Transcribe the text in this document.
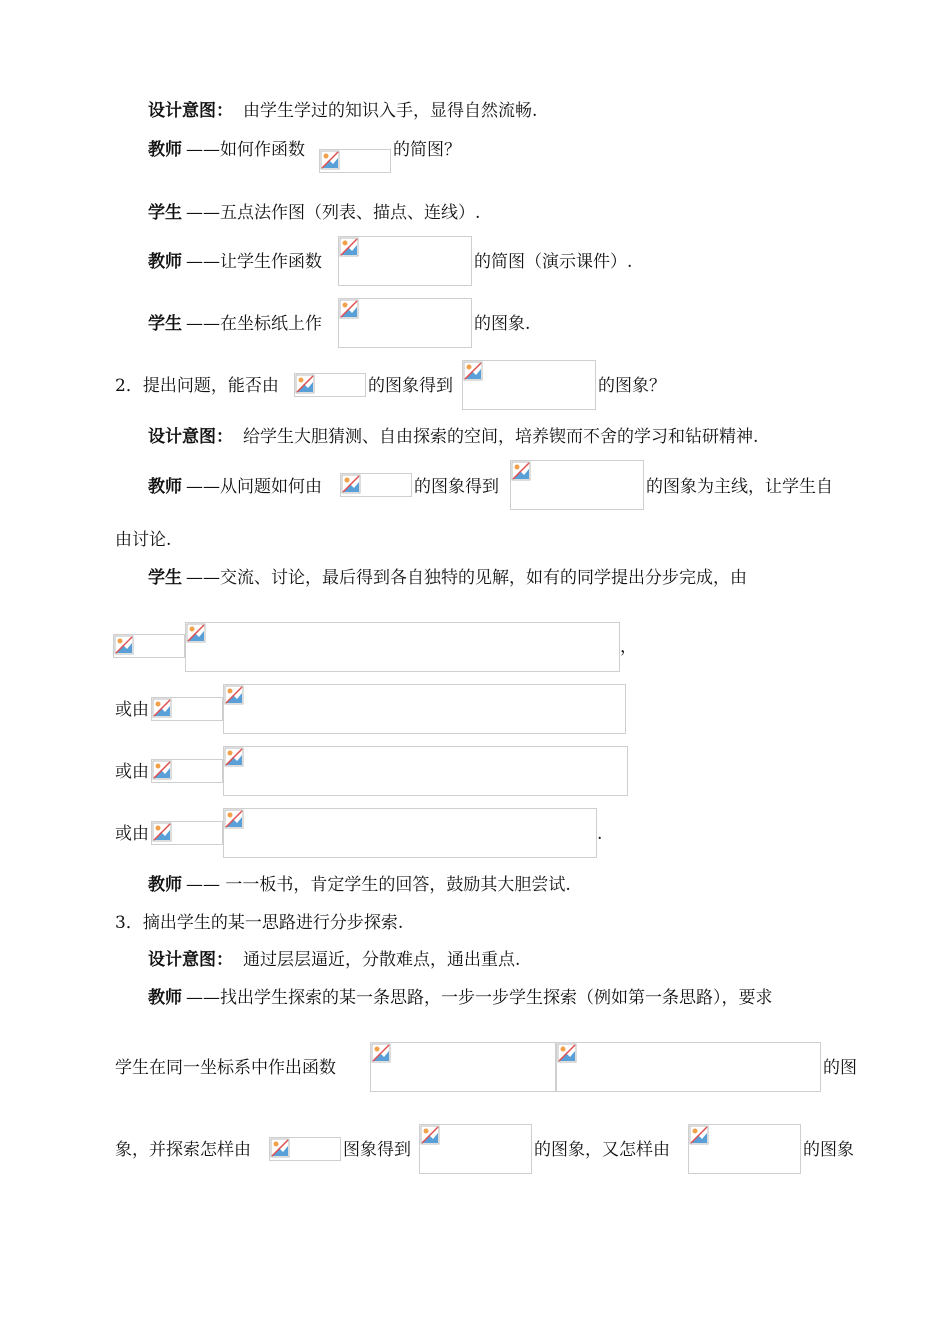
设计意图： 由学生学过的知识入手，显得自然流畅.
教师 ——如何作函数	的简图？
学生 ——五点法作图（列表、描点、连线）.
教师 ——让学生作函数	的简图（演示课件）.
学生 ——在坐标纸上作	的图象.
2．提出问题，能否由	的图象得到	的图象？
设计意图： 给学生大胆猜测、自由探索的空间，培养锲而不舍的学习和钻研精神.
教师 ——从问题如何由	的图象得到	的图象为主线，让学生自
由讨论.
学生 ——交流、讨论，最后得到各自独特的见解，如有的同学提出分步完成，由
，
或由
或由
或由	.
教师 —— 一一板书，肯定学生的回答，鼓励其大胆尝试.
3．摘出学生的某一思路进行分步探索.
设计意图： 通过层层逼近，分散难点，通出重点.
教师 ——找出学生探索的某一条思路，一步一步学生探索（例如第一条思路），要求
学生在同一坐标系中作出函数	的图
象，并探索怎样由	图象得到	的图象，又怎样由	的图象
